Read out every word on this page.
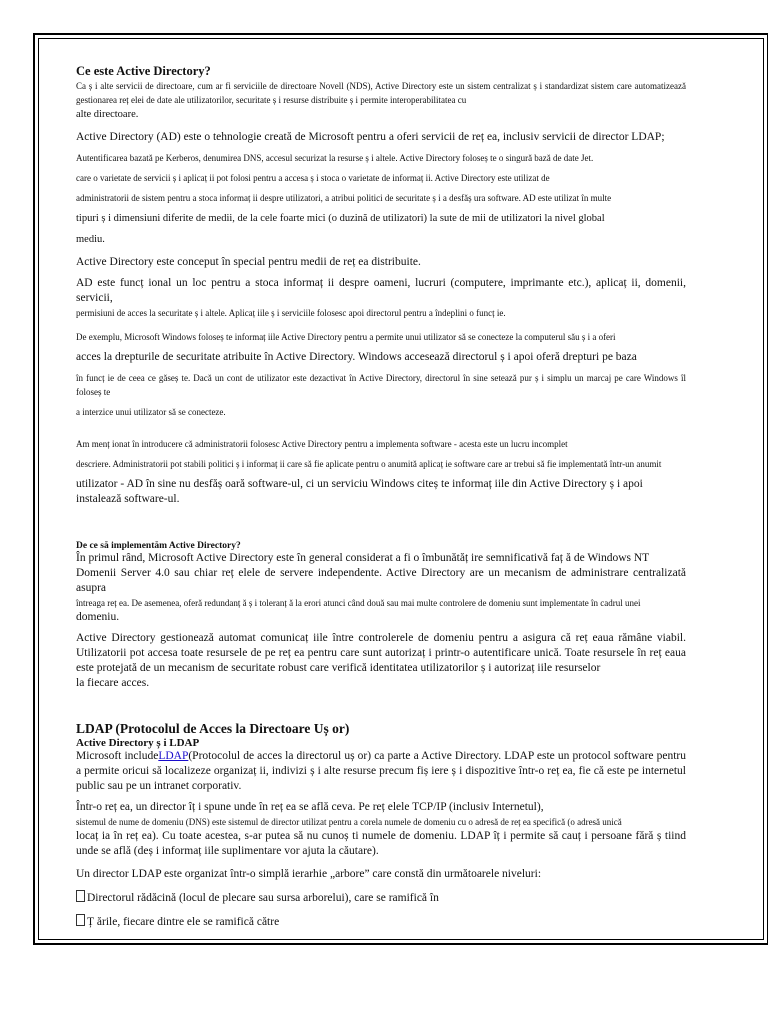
Ce este Active Directory?

Ca ș i alte servicii de directoare, cum ar fi serviciile de directoare Novell (NDS), Active Directory este un sistem centralizat ș i standardizat sistem care automatizează gestionarea reț elei de date ale utilizatorilor, securitate ș i resurse distribuite ș i permite interoperabilitatea cu

alte directoare.

Active Directory (AD) este o tehnologie creată de Microsoft pentru a oferi servicii de reț ea, inclusiv servicii de director LDAP;

Autentificarea bazată pe Kerberos, denumirea DNS, accesul securizat la resurse ș i altele. Active Directory foloseș te o singură bază de date Jet.

care o varietate de servicii ș i aplicaț ii pot folosi pentru a accesa ș i stoca o varietate de informaț ii. Active Directory este utilizat de

administratorii de sistem pentru a stoca informaț ii despre utilizatori, a atribui politici de securitate ș i a desfăș ura software. AD este utilizat în multe

tipuri ș i dimensiuni diferite de medii, de la cele foarte mici (o duzină de utilizatori) la sute de mii de utilizatori la nivel global

mediu.

Active Directory este conceput în special pentru medii de reț ea distribuite.

AD este funcț ional un loc pentru a stoca informaț ii despre oameni, lucruri (computere, imprimante etc.), aplicaț ii, domenii, servicii,

permisiuni de acces la securitate ș i altele. Aplicaț iile ș i serviciile folosesc apoi directorul pentru a îndeplini o funcț ie.

De exemplu, Microsoft Windows foloseș te informaț iile Active Directory pentru a permite unui utilizator să se conecteze la computerul său ș i a oferi

acces la drepturile de securitate atribuite în Active Directory. Windows accesează directorul ș i apoi oferă drepturi pe baza

în funcț ie de ceea ce găseș te. Dacă un cont de utilizator este dezactivat în Active Directory, directorul în sine setează pur ș i simplu un marcaj pe care Windows îl foloseș te

a interzice unui utilizator să se conecteze.

Am menț ionat în introducere că administratorii folosesc Active Directory pentru a implementa software - acesta este un lucru incomplet

descriere. Administratorii pot stabili politici ș i informaț ii care să fie aplicate pentru o anumită aplicaț ie software care ar trebui să fie implementată într-un anumit

utilizator - AD în sine nu desfăș oară software-ul, ci un serviciu Windows citeș te informaț iile din Active Directory ș i apoi

instalează software-ul.

De ce să implementăm Active Directory?

În primul rând, Microsoft Active Directory este în general considerat a fi o îmbunătăț ire semnificativă faț ă de Windows NT

Domenii Server 4.0 sau chiar reț elele de servere independente. Active Directory are un mecanism de administrare centralizată asupra

întreaga reț ea. De asemenea, oferă redundanț ă ș i toleranț ă la erori atunci când două sau mai multe controlere de domeniu sunt implementate în cadrul unei

domeniu.

Active Directory gestionează automat comunicaț iile între controlerele de domeniu pentru a asigura că reț eaua rămâne viabil. Utilizatorii pot accesa toate resursele de pe reț ea pentru care sunt autorizaț i printr-o autentificare unică. Toate resursele în reț eaua este protejată de un mecanism de securitate robust care verifică identitatea utilizatorilor ș i autorizaț iile resurselor

la fiecare acces.

LDAP (Protocolul de Acces la Directoare Uș or)

Active Directory ș i LDAP

Microsoft includeLDAP(Protocolul de acces la directorul uș or) ca parte a Active Directory. LDAP este un protocol software pentru a permite oricui să localizeze organizaț ii, indivizi ș i alte resurse precum fiș iere ș i dispozitive într-o reț ea, fie că este pe internetul public sau pe un intranet corporativ.

Într-o reț ea, un director îț i spune unde în reț ea se află ceva. Pe reț elele TCP/IP (inclusiv Internetul),

sistemul de nume de domeniu (DNS) este sistemul de director utilizat pentru a corela numele de domeniu cu o adresă de reț ea specifică (o adresă unică

locaț ia în reț ea). Cu toate acestea, s-ar putea să nu cunoș ti numele de domeniu. LDAP îț i permite să cauț i persoane fără ș tiind unde se află (deș i informaț iile suplimentare vor ajuta la căutare).

Un director LDAP este organizat într-o simplă ierarhie „arbore” care constă din următoarele niveluri:

Directorul rădăcină (locul de plecare sau sursa arborelui), care se ramifică în

Ț ările, fiecare dintre ele se ramifică către
